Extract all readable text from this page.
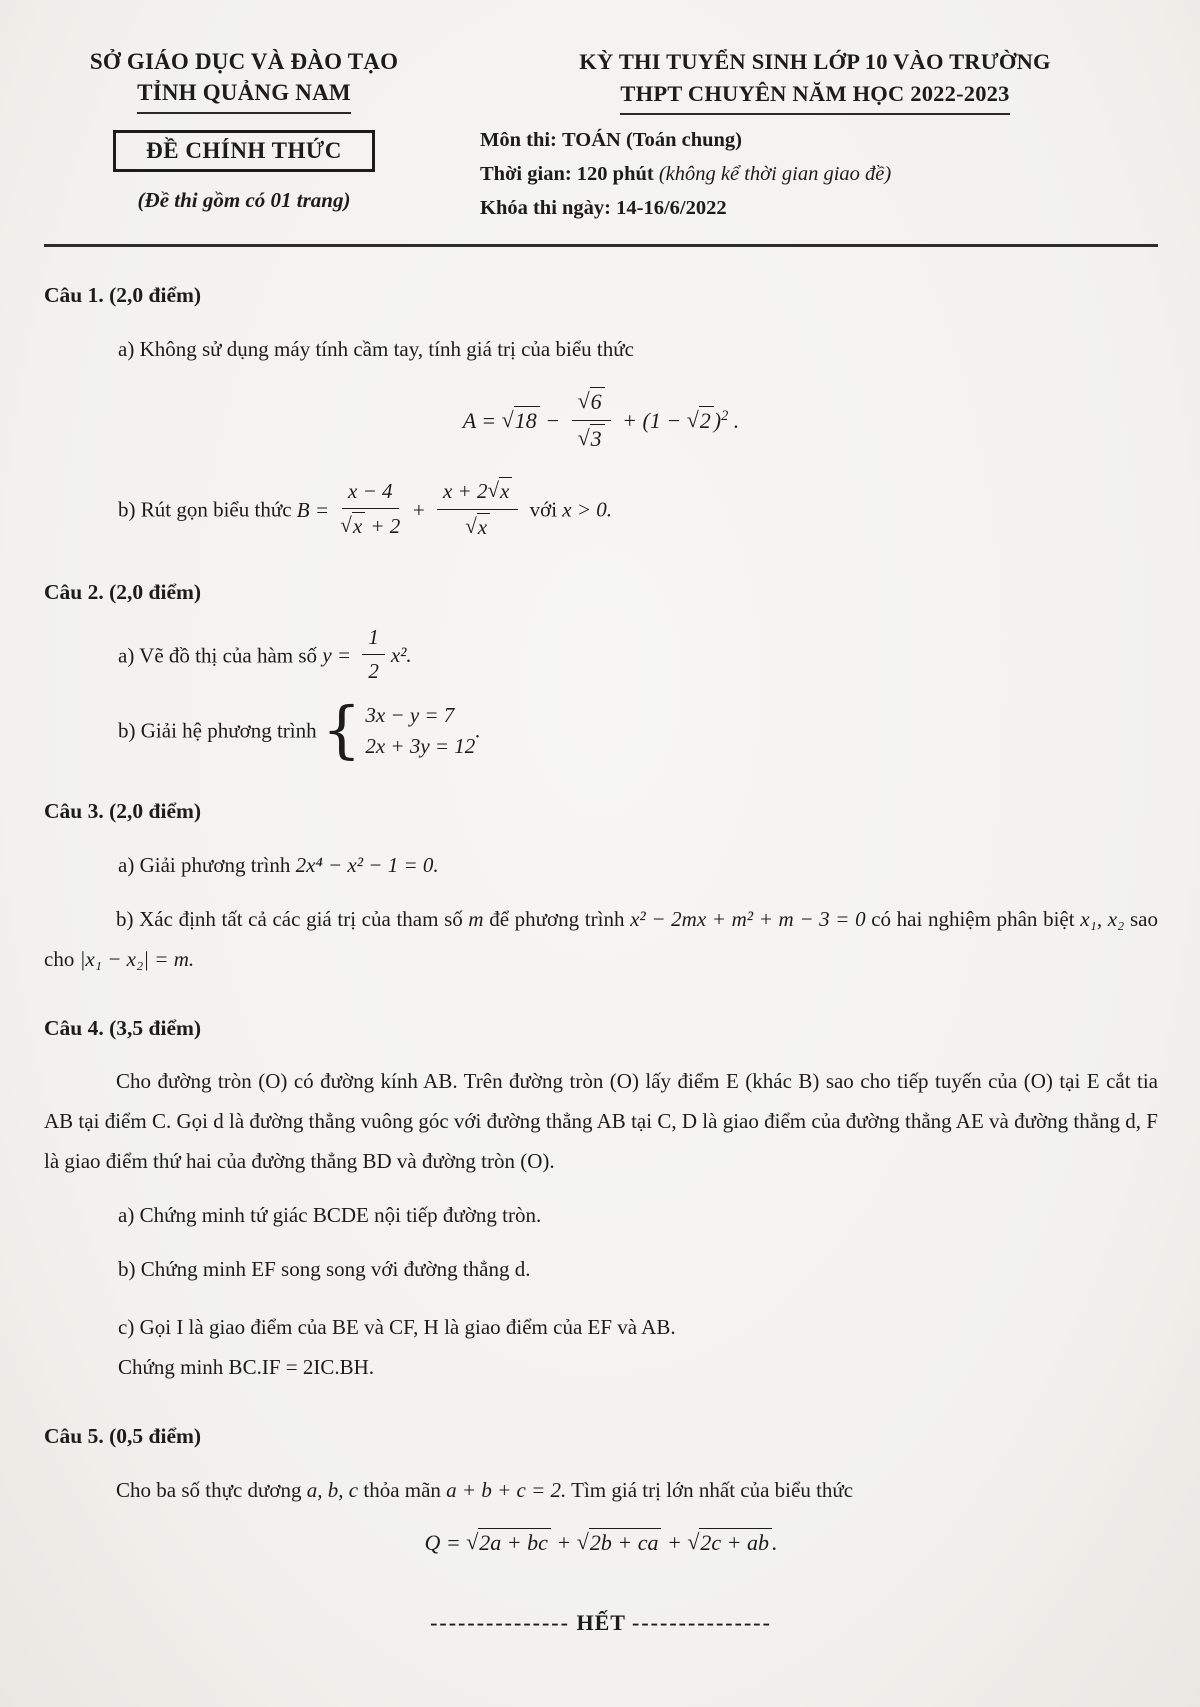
SỞ GIÁO DỤC VÀ ĐÀO TẠO
TỈNH QUẢNG NAM
ĐỀ CHÍNH THỨC
(Đề thi gồm có 01 trang)
KỲ THI TUYỂN SINH LỚP 10 VÀO TRƯỜNG
THPT CHUYÊN NĂM HỌC 2022-2023
Môn thi: TOÁN (Toán chung)
Thời gian: 120 phút (không kể thời gian giao đề)
Khóa thi ngày: 14-16/6/2022
Câu 1. (2,0 điểm)
a) Không sử dụng máy tính cầm tay, tính giá trị của biểu thức
$A = √18 - \frac{√6}{√3} + (1 - √2$ )$^2$ .
b) Rút gọn biểu thức $B = \frac{x - 4}{√x + 2} + \frac{x + 2√x}{√x}$ với x > 0.
Câu 2. (2,0 điểm)
a) Vẽ đồ thị của hàm số $y = \frac{1}{2} x^2$.
b) Giải hệ phương trình { 3x − y = 7
2x + 3y = 12
.
Câu 3. (2,0 điểm)
a) Giải phương trình 2x⁴ − x² − 1 = 0.
b) Xác định tất cả các giá trị của tham số m để phương trình x² − 2mx + m² + m − 3 = 0 có hai nghiệm phân biệt x₁, x₂ sao cho |x₁ − x₂| = m.
Câu 4. (3,5 điểm)
Cho đường tròn (O) có đường kính AB. Trên đường tròn (O) lấy điểm E (khác B) sao cho tiếp tuyến của (O) tại E cắt tia AB tại điểm C. Gọi d là đường thẳng vuông góc với đường thẳng AB tại C, D là giao điểm của đường thẳng AE và đường thẳng d, F là giao điểm thứ hai của đường thẳng BD và đường tròn (O).
a) Chứng minh tứ giác BCDE nội tiếp đường tròn.
b) Chứng minh EF song song với đường thẳng d.
c) Gọi I là giao điểm của BE và CF, H là giao điểm của EF và AB.
Chứng minh BC.IF = 2IC.BH.
Câu 5. (0,5 điểm)
Cho ba số thực dương a, b, c thỏa mãn a + b + c = 2. Tìm giá trị lớn nhất của biểu thức
Q = √2a + bc + √2b + ca + √2c + ab .
--------------- HẾT ---------------
